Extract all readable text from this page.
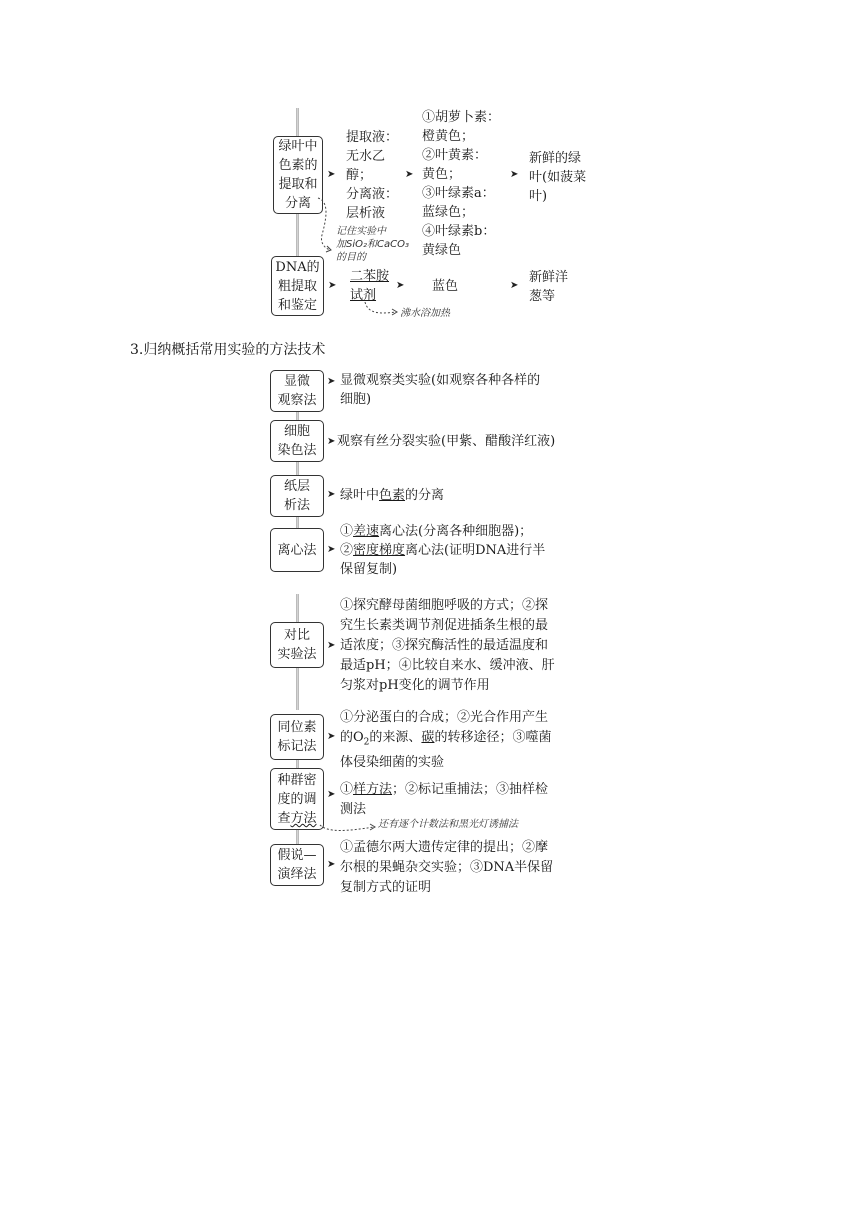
绿叶中
色素的
提取和
分离
➤
提取液：
无水乙
醇；
分离液：
层析液
➤
①胡萝卜素：
橙黄色；
②叶黄素：
黄色；
③叶绿素a：
蓝绿色；
④叶绿素b：
黄绿色
➤
新鲜的绿
叶(如菠菜
叶)
记住实验中
加SiO₂和CaCO₃
的目的
DNA的
粗提取
和鉴定
➤
二苯胺
试剂
➤ 蓝色	➤
新鲜洋
葱等
沸水浴加热
3.归纳概括常用实验的方法技术
显微
观察法
➤ 显微观察类实验(如观察各种各样的
细胞)
细胞
染色法
➤ 观察有丝分裂实验(甲紫、醋酸洋红液)
纸层
析法
➤ 绿叶中色素的分离
离心法	➤
①差速离心法(分离各种细胞器)；
②密度梯度离心法(证明DNA进行半
保留复制)
对比
实验法
➤
①探究酵母菌细胞呼吸的方式；②探
究生长素类调节剂促进插条生根的最
适浓度；③探究酶活性的最适温度和
最适pH；④比较自来水、缓冲液、肝
匀浆对pH变化的调节作用
同位素
标记法
➤
①分泌蛋白的合成；②光合作用产生
的$O_2$的来源、碳的转移途径；③噬菌
体侵染细菌的实验
种群密
度的调
查方法
➤ ①样方法；②标记重捕法；③抽样检
测法
还有逐个计数法和黑光灯诱捕法
假说—
演绎法
➤
①孟德尔两大遗传定律的提出；②摩
尔根的果蝇杂交实验；③DNA半保留
复制方式的证明
